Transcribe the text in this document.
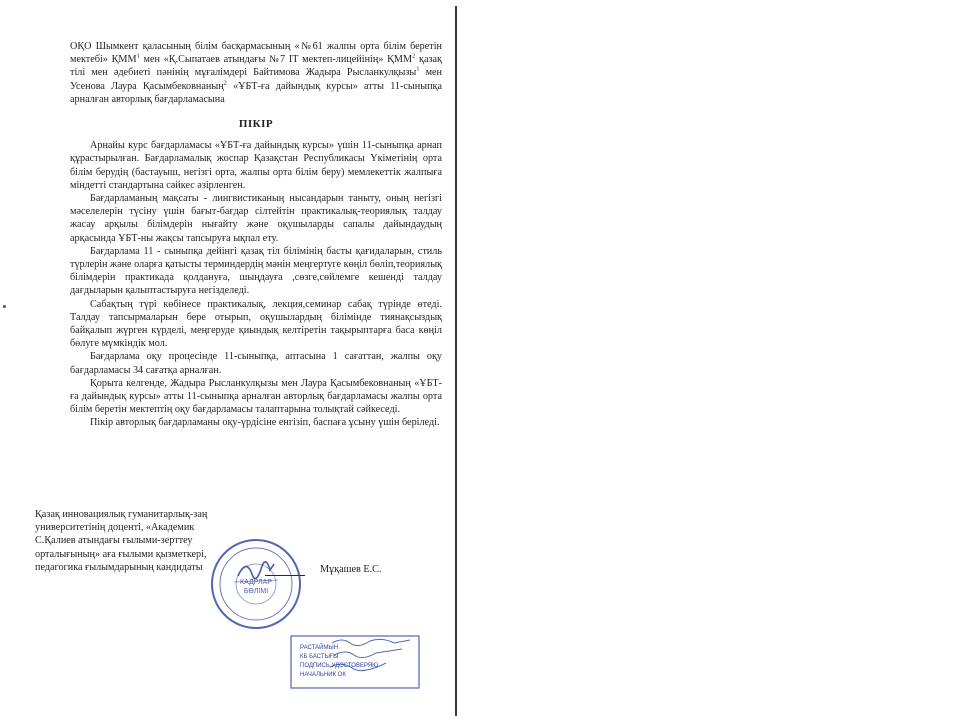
ОҚО Шымкент қаласының білім басқармасының «№61 жалпы орта білім беретін мектебі» ҚММ$^1$ мен «Қ.Сыпатаев атындағы №7 ІТ мектеп-лицейінің» ҚММ$^2$ қазақ тілі мен әдебиеті пәнінің мұғалімдері Байтимова Жадыра Рысланкулқызы$^1$ мен Усенова Лаура Қасымбековнаның$^2$ «ҰБТ-ға дайындық курсы» атты 11-сыныпқа арналған авторлық бағдарламасына
ПІКІР

Арнайы курс бағдарламасы «ҰБТ-ға дайындық курсы» үшін 11-сыныпқа арнап құрастырылған. Бағдарламалық жоспар Қазақстан Республикасы Үкіметінің орта білім берудің (бастауыш, негізгі орта, жалпы орта білім беру) мемлекеттік жалпыға міндетті стандартына сәйкес әзірленген.

Бағдарламаның мақсаты - лингвистиканың нысандарын таныту, оның негізгі мәселелерін түсіну үшін бағыт-бағдар сілтейтін практикалық-теориялық талдау жасау арқылы білімдерін нығайту және оқушыларды сапалы дайындаудың арқасында ҰБТ-ны жақсы тапсыруға ықпал ету.

Бағдарлама 11 - сыныпқа дейінгі қазақ тіл білімінің басты қағидаларын, стиль түрлерін және оларға қатысты терминдердің мәнін меңгертуге көңіл бөліп,теориялық білімдерін практикада қолдануға, шыңдауға ,сөзге,сөйлемге кешенді талдау дағдыларын қалыптастыруға негізделеді.

Сабақтың түрі көбінесе практикалық, лекция,семинар сабақ түрінде өтеді. Талдау тапсырмаларын бере отырып, оқушылардың білімінде тиянақсыздық байқалып жүрген күрделі, меңгеруде қиындық келтіретін тақырыптарға баса көңіл бөлуге мүмкіндік мол.

Бағдарлама оқу процесінде 11-сыныпқа, аптасына 1 сағаттан, жалпы оқу бағдарламасы 34 сағатқа арналған.

Қорыта келгенде, Жадыра Рысланкулқызы мен Лаура Қасымбековнаның «ҰБТ-ға дайындық курсы» атты 11-сыныпқа арналған авторлық бағдарламасы жалпы орта білім беретін мектептің оқу бағдарламасы талаптарына толықтай сәйкеседі.

Пікір авторлық бағдарламаны оқу-үрдісіне енгізіп, баспаға ұсыну үшін беріледі.

Қазақ инновациялық гуманитарлық-заң
университетінің доценті, «Академик
С.Қалиев атындағы ғылыми-зерттеу
орталығының» аға ғылыми қызметкері,
педагогика ғылымдарының кандидаты	Мұқашев Е.С.
КАДРЛАР
БӨЛІМІ
РАСТАЙМЫН
КБ БАСТЫҒЫ
ПОДПИСЬ УДОСТОВЕРЯЮ
НАЧАЛЬНИК ОК
